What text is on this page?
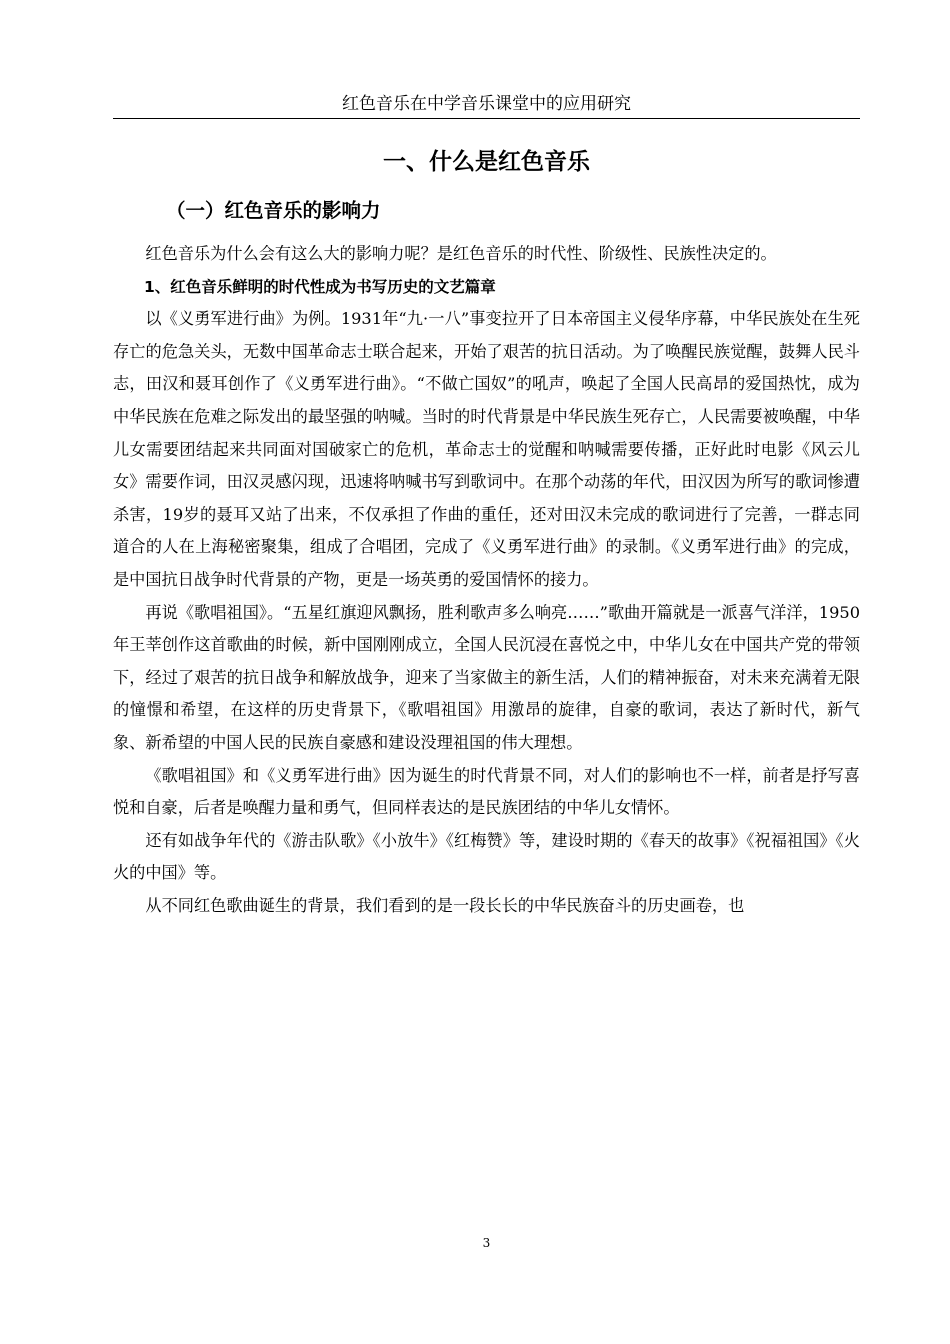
红色音乐在中学音乐课堂中的应用研究
一、什么是红色音乐
（一）红色音乐的影响力

红色音乐为什么会有这么大的影响力呢？是红色音乐的时代性、阶级性、民族性决定的。

1、红色音乐鲜明的时代性成为书写历史的文艺篇章

以《义勇军进行曲》为例。1931年“九·一八”事变拉开了日本帝国主义侵华序幕，中华民族处在生死存亡的危急关头，无数中国革命志士联合起来，开始了艰苦的抗日活动。为了唤醒民族觉醒，鼓舞人民斗志，田汉和聂耳创作了《义勇军进行曲》。“不做亡国奴”的吼声，唤起了全国人民高昂的爱国热忱，成为中华民族在危难之际发出的最坚强的呐喊。当时的时代背景是中华民族生死存亡，人民需要被唤醒，中华儿女需要团结起来共同面对国破家亡的危机，革命志士的觉醒和呐喊需要传播，正好此时电影《风云儿女》需要作词，田汉灵感闪现，迅速将呐喊书写到歌词中。在那个动荡的年代，田汉因为所写的歌词惨遭杀害，19岁的聂耳又站了出来，不仅承担了作曲的重任，还对田汉未完成的歌词进行了完善，一群志同道合的人在上海秘密聚集，组成了合唱团，完成了《义勇军进行曲》的录制。《义勇军进行曲》的完成，是中国抗日战争时代背景的产物，更是一场英勇的爱国情怀的接力。

再说《歌唱祖国》。“五星红旗迎风飘扬，胜利歌声多么响亮……”歌曲开篇就是一派喜气洋洋，1950年王莘创作这首歌曲的时候，新中国刚刚成立，全国人民沉浸在喜悦之中，中华儿女在中国共产党的带领下，经过了艰苦的抗日战争和解放战争，迎来了当家做主的新生活，人们的精神振奋，对未来充满着无限的憧憬和希望，在这样的历史背景下，《歌唱祖国》用激昂的旋律，自豪的歌词，表达了新时代，新气象、新希望的中国人民的民族自豪感和建设没理祖国的伟大理想。

《歌唱祖国》和《义勇军进行曲》因为诞生的时代背景不同，对人们的影响也不一样，前者是抒写喜悦和自豪，后者是唤醒力量和勇气，但同样表达的是民族团结的中华儿女情怀。

还有如战争年代的《游击队歌》《小放牛》《红梅赞》等，建设时期的《春天的故事》《祝福祖国》《火火的中国》等。

从不同红色歌曲诞生的背景，我们看到的是一段长长的中华民族奋斗的历史画卷，也

3
